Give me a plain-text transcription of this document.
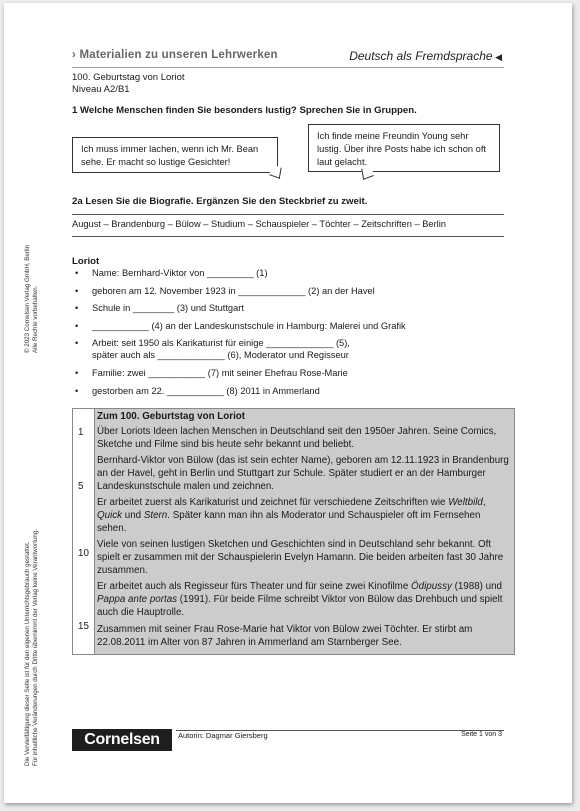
› Materialien zu unseren Lehrwerken	Deutsch als Fremdsprache ◀
100. Geburtstag von Loriot
Niveau A2/B1
1 Welche Menschen finden Sie besonders lustig? Sprechen Sie in Gruppen.
Ich muss immer lachen, wenn ich Mr. Bean sehe. Er macht so lustige Gesichter!
Ich finde meine Freundin Young sehr lustig. Über ihre Posts habe ich schon oft laut gelacht.
2a Lesen Sie die Biografie. Ergänzen Sie den Steckbrief zu zweit.
August – Brandenburg – Bülow – Studium – Schauspieler – Töchter – Zeitschriften – Berlin
Loriot
• Name: Bernhard-Viktor von _________ (1)
• geboren am 12. November 1923 in _____________ (2) an der Havel
• Schule in ________ (3) und Stuttgart
• ___________ (4) an der Landeskunstschule in Hamburg: Malerei und Grafik
• Arbeit: seit 1950 als Karikaturist für einige _____________ (5),
später auch als _____________ (6), Moderator und Regisseur
• Familie: zwei ___________ (7) mit seiner Ehefrau Rose-Marie
• gestorben am 22. ___________ (8) 2011 in Ammerland
© 2023 Cornelsen Verlag GmbH, Berlin Alle Rechte vorbehalten.
Die Vervielfältigung dieser Seite ist für den eigenen Unterrichtsgebrauch gestattet. Für inhaltliche Veränderungen durch Dritte übernimmt der Verlag keine Verantwortung.
1
5
10
15
Zum 100. Geburtstag von Loriot
Über Loriots Ideen lachen Menschen in Deutschland seit den 1950er Jahren. Seine Comics, Sketche und Filme sind bis heute sehr bekannt und beliebt.
Bernhard-Viktor von Bülow (das ist sein echter Name), geboren am 12.11.1923 in Brandenburg an der Havel, geht in Berlin und Stuttgart zur Schule. Später studiert er an der Hamburger Landeskunstschule malen und zeichnen.
Er arbeitet zuerst als Karikaturist und zeichnet für verschiedene Zeitschriften wie Weltbild, Quick und Stern. Später kann man ihn als Moderator und Schauspieler oft im Fernsehen sehen.
Viele von seinen lustigen Sketchen und Geschichten sind in Deutschland sehr bekannt. Oft spielt er zusammen mit der Schauspielerin Evelyn Hamann. Die beiden arbeiten fast 30 Jahre zusammen.
Er arbeitet auch als Regisseur fürs Theater und für seine zwei Kinofilme Ödipussy (1988) und Pappa ante portas (1991). Für beide Filme schreibt Viktor von Bülow das Drehbuch und spielt auch die Hauptrolle.
Zusammen mit seiner Frau Rose-Marie hat Viktor von Bülow zwei Töchter. Er stirbt am 22.08.2011 im Alter von 87 Jahren in Ammerland am Starnberger See.
Cornelsen	Autorin: Dagmar Giersberg	Seite 1 von 3
